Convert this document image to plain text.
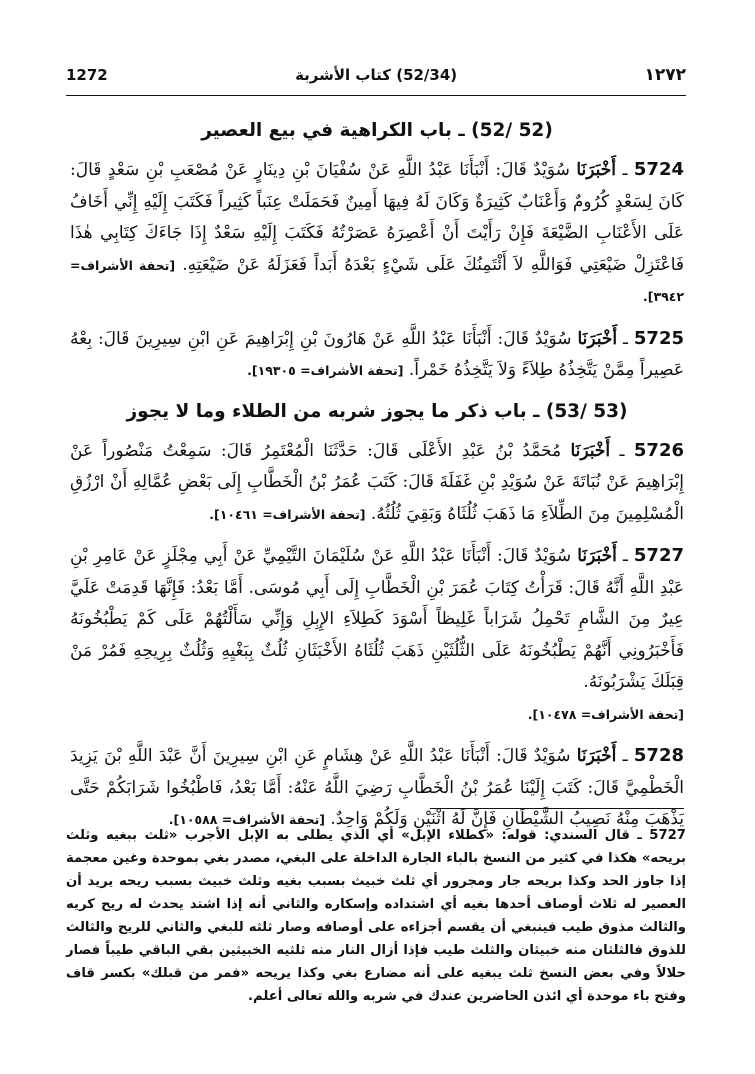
1272	(52/34) كتاب الأشربة	١٢٧٢
(52 /52) ـ باب الكراهية في بيع العصير

5724 ـ أَخْبَرَنَا سُوَيْدٌ قَالَ: أَنْبَأَنَا عَبْدُ اللَّهِ عَنْ سُفْيَانَ بْنِ دِينَارٍ عَنْ مُصْعَبِ بْنِ سَعْدٍ قَالَ: كَانَ لِسَعْدٍ كُرُومٌ وَأَعْنَابٌ كَثِيرَةٌ وَكَانَ لَهُ فِيهَا أَمِينٌ فَحَمَلَتْ عِنَباً كَثِيراً فَكَتَبَ إِلَيْهِ إِنِّي أَخَافُ عَلَى الأَعْنَابِ الضَّيْعَةَ فَإِنْ رَأَيْتَ أَنْ أَعْصِرَهُ عَصَرْتُهُ فَكَتَبَ إِلَيْهِ سَعْدٌ إِذَا جَاءَكَ كِتَابِي هٰذَا فَاعْتَزِلْ ضَيْعَتِي فَوَاللَّهِ لاَ أَئْتَمِنُكَ عَلَى شَيْءٍ بَعْدَهُ أَبَداً فَعَزَلَهُ عَنْ ضَيْعَتِهِ. [تحفة الأشراف= ٣٩٤٢].

5725 ـ أَخْبَرَنَا سُوَيْدٌ قَالَ: أَنْبَأَنَا عَبْدُ اللَّهِ عَنْ هَارُونَ بْنِ إِبْرَاهِيمَ عَنِ ابْنِ سِيرِينَ قَالَ: بِعْهُ عَصِيراً مِمَّنْ يَتَّخِذُهُ طِلاَءً وَلاَ يَتَّخِذُهُ خَمْراً. [تحفة الأشراف= ١٩٣٠٥].

(53 /53) ـ باب ذكر ما يجوز شربه من الطلاء وما لا يجوز

5726 ـ أَخْبَرَنَا مُحَمَّدُ بْنُ عَبْدِ الأَعْلَى قَالَ: حَدَّثَنَا الْمُعْتَمِرُ قَالَ: سَمِعْتُ مَنْصُوراً عَنْ إِبْرَاهِيمَ عَنْ نُبَاتَةَ عَنْ سُوَيْدِ بْنِ غَفَلَةَ قَالَ: كَتَبَ عُمَرُ بْنُ الْخَطَّابِ إِلَى بَعْضِ عُمَّالِهِ أَنْ ارْزُقِ الْمُسْلِمِينَ مِنَ الطِّلاَءِ مَا ذَهَبَ ثُلُثَاهُ وَبَقِيَ ثُلُثُهُ. [تحفة الأشراف= ١٠٤٦١].

5727 ـ أَخْبَرَنَا سُوَيْدٌ قَالَ: أَنْبَأَنَا عَبْدُ اللَّهِ عَنْ سُلَيْمَانَ التَّيْمِيِّ عَنْ أَبِي مِجْلَزٍ عَنْ عَامِرِ بْنِ عَبْدِ اللَّهِ أَنَّهُ قَالَ: قَرَأْتُ كِتَابَ عُمَرَ بْنِ الْخَطَّابِ إِلَى أَبِي مُوسَى. أَمَّا بَعْدُ: فَإِنَّهَا قَدِمَتْ عَلَيَّ عِيرٌ مِنَ الشَّامِ تَحْمِلُ شَرَاباً غَلِيظاً أَسْوَدَ كَطِلاَءِ الإِبِلِ وَإِنِّي سَأَلْتُهُمْ عَلَى كَمْ يَطْبُخُونَهُ فَأَخْبَرُونِي أَنَّهُمْ يَطْبُخُونَهُ عَلَى الثُّلُثَيْنِ ذَهَبَ ثُلُثَاهُ الأَخْبَثَانِ ثُلُثٌ بِبَغْيِهِ وَثُلُثٌ بِرِيحِهِ فَمُرْ مَنْ قِبَلَكَ يَشْرَبُونَهُ.
[تحفة الأشراف= ١٠٤٧٨].

5728 ـ أَخْبَرَنَا سُوَيْدٌ قَالَ: أَنْبَأَنَا عَبْدُ اللَّهِ عَنْ هِشَامٍ عَنِ ابْنِ سِيرِينَ أَنَّ عَبْدَ اللَّهِ بْنَ يَزِيدَ الْخَطْمِيَّ قَالَ: كَتَبَ إِلَيْنَا عُمَرُ بْنُ الْخَطَّابِ رَضِيَ اللَّهُ عَنْهُ: أَمَّا بَعْدُ، فَاطْبُخُوا شَرَابَكُمْ حَتَّى يَذْهَبَ مِنْهُ نَصِيبُ الشَّيْطَانِ فَإِنَّ لَهُ اثْنَيْنِ وَلَكُمْ وَاحِدٌ. [تحفة الأشراف= ١٠٥٨٨].

5727 ـ قال السندي: قوله: «كطلاء الإبل» أي الذي يطلى به الإبل الأجرب «ثلث ببغيه وثلث بريحه» هكذا في كثير من النسخ بالباء الجارة الداخلة على البغي، مصدر بغي بموحدة وغين معجمة إذا جاوز الحد وكذا بريحه جار ومجرور أي ثلث خبيث بسبب بغيه وثلث خبيث بسبب ريحه يريد أن العصير له ثلاث أوصاف أحدها بغيه أي اشتداده وإسكاره والثاني أنه إذا اشتد يحدث له ريح كريه والثالث مذوق طيب فينبغي أن يقسم أجزاءه على أوصافه وصار ثلثه للبغي والثاني للريح والثالث للذوق فالثلثان منه خبيثان والثلث طيب فإذا أزال النار منه ثلثيه الخبيثين بقي الباقي طيباً فصار حلالاً وفي بعض النسخ ثلث يبغيه على أنه مضارع بغي وكذا يريحه «فمر من قبلك» بكسر قاف وفتح باء موحدة أي ائذن الحاضرين عندك في شربه والله تعالى أعلم.
